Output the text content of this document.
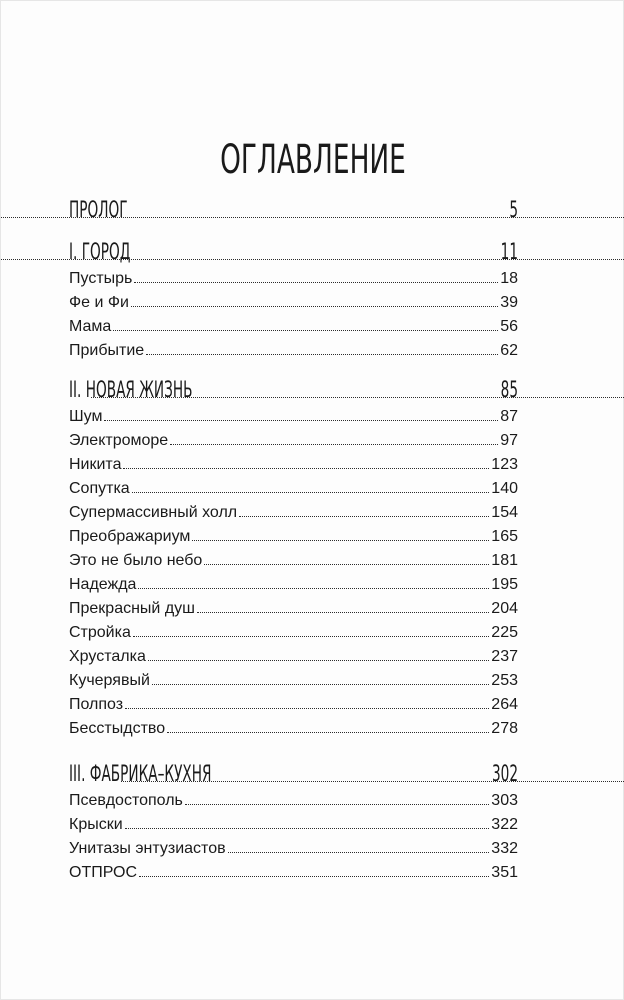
ОГЛАВЛЕНИЕ
ПРОЛОГ	5
I. ГОРОД	11
Пустырь	18
Фе и Фи	39
Мама	56
Прибытие	62
II. НОВАЯ ЖИЗНЬ	85
Шум	87
Электроморе	97
Никита	123
Сопутка	140
Супермассивный холл	154
Преображариум	165
Это не было небо	181
Надежда	195
Прекрасный душ	204
Стройка	225
Хрусталка	237
Кучерявый	253
Полпоз	264
Бесстыдство	278
III. ФАБРИКА–КУХНЯ	302
Псевдостополь	303
Крыски	322
Унитазы энтузиастов	332
ОТПРОС	351
